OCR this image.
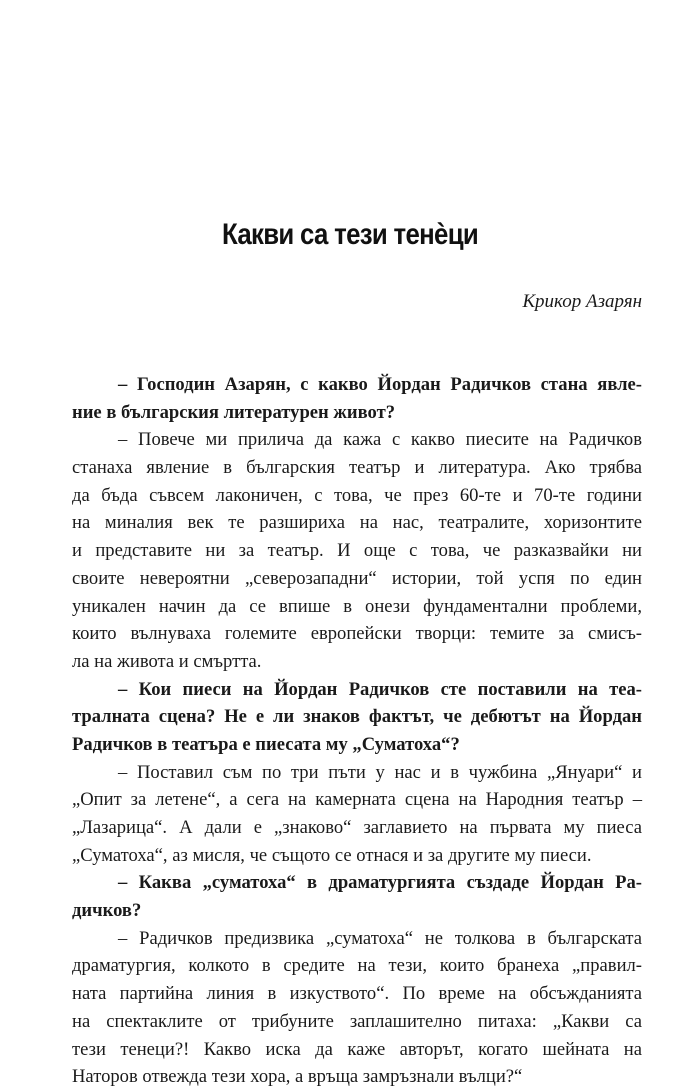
Какви са тези тенèци
Крикор Азарян
– Господин Азарян, с какво Йордан Радичков стана явле-
ние в българския литературен живот?
– Повече ми прилича да кажа с какво пиесите на Радичков
станаха явление в българския театър и литература. Ако трябва
да бъда съвсем лаконичен, с това, че през 60-те и 70-те години
на миналия век те разшириха на нас, театралите, хоризонтите
и представите ни за театър. И още с това, че разказвайки ни
своите невероятни „северозападни“ истории, той успя по един
уникален начин да се впише в онези фундаментални проблеми,
които вълнуваха големите европейски творци: темите за смисъ-
ла на живота и смъртта.
– Кои пиеси на Йордан Радичков сте поставили на теа-
тралната сцена? Не е ли знаков фактът, че дебютът на Йордан
Радичков в театъра е пиесата му „Суматоха“?
– Поставил съм по три пъти у нас и в чужбина „Януари“ и
„Опит за летене“, а сега на камерната сцена на Народния театър –
„Лазарица“. А дали е „знаково“ заглавието на първата му пиеса
„Суматоха“, аз мисля, че същото се отнася и за другите му пиеси.
– Каква „суматоха“ в драматургията създаде Йордан Ра-
дичков?
– Радичков предизвика „суматоха“ не толкова в българската
драматургия, колкото в средите на тези, които бранеха „правил-
ната партийна линия в изкуството“. По време на обсъжданията
на спектаклите от трибуните заплашително питаха: „Какви са
тези тенеци?! Какво иска да каже авторът, когато шейната на
Наторов отвежда тези хора, а връща замръзнали вълци?“
